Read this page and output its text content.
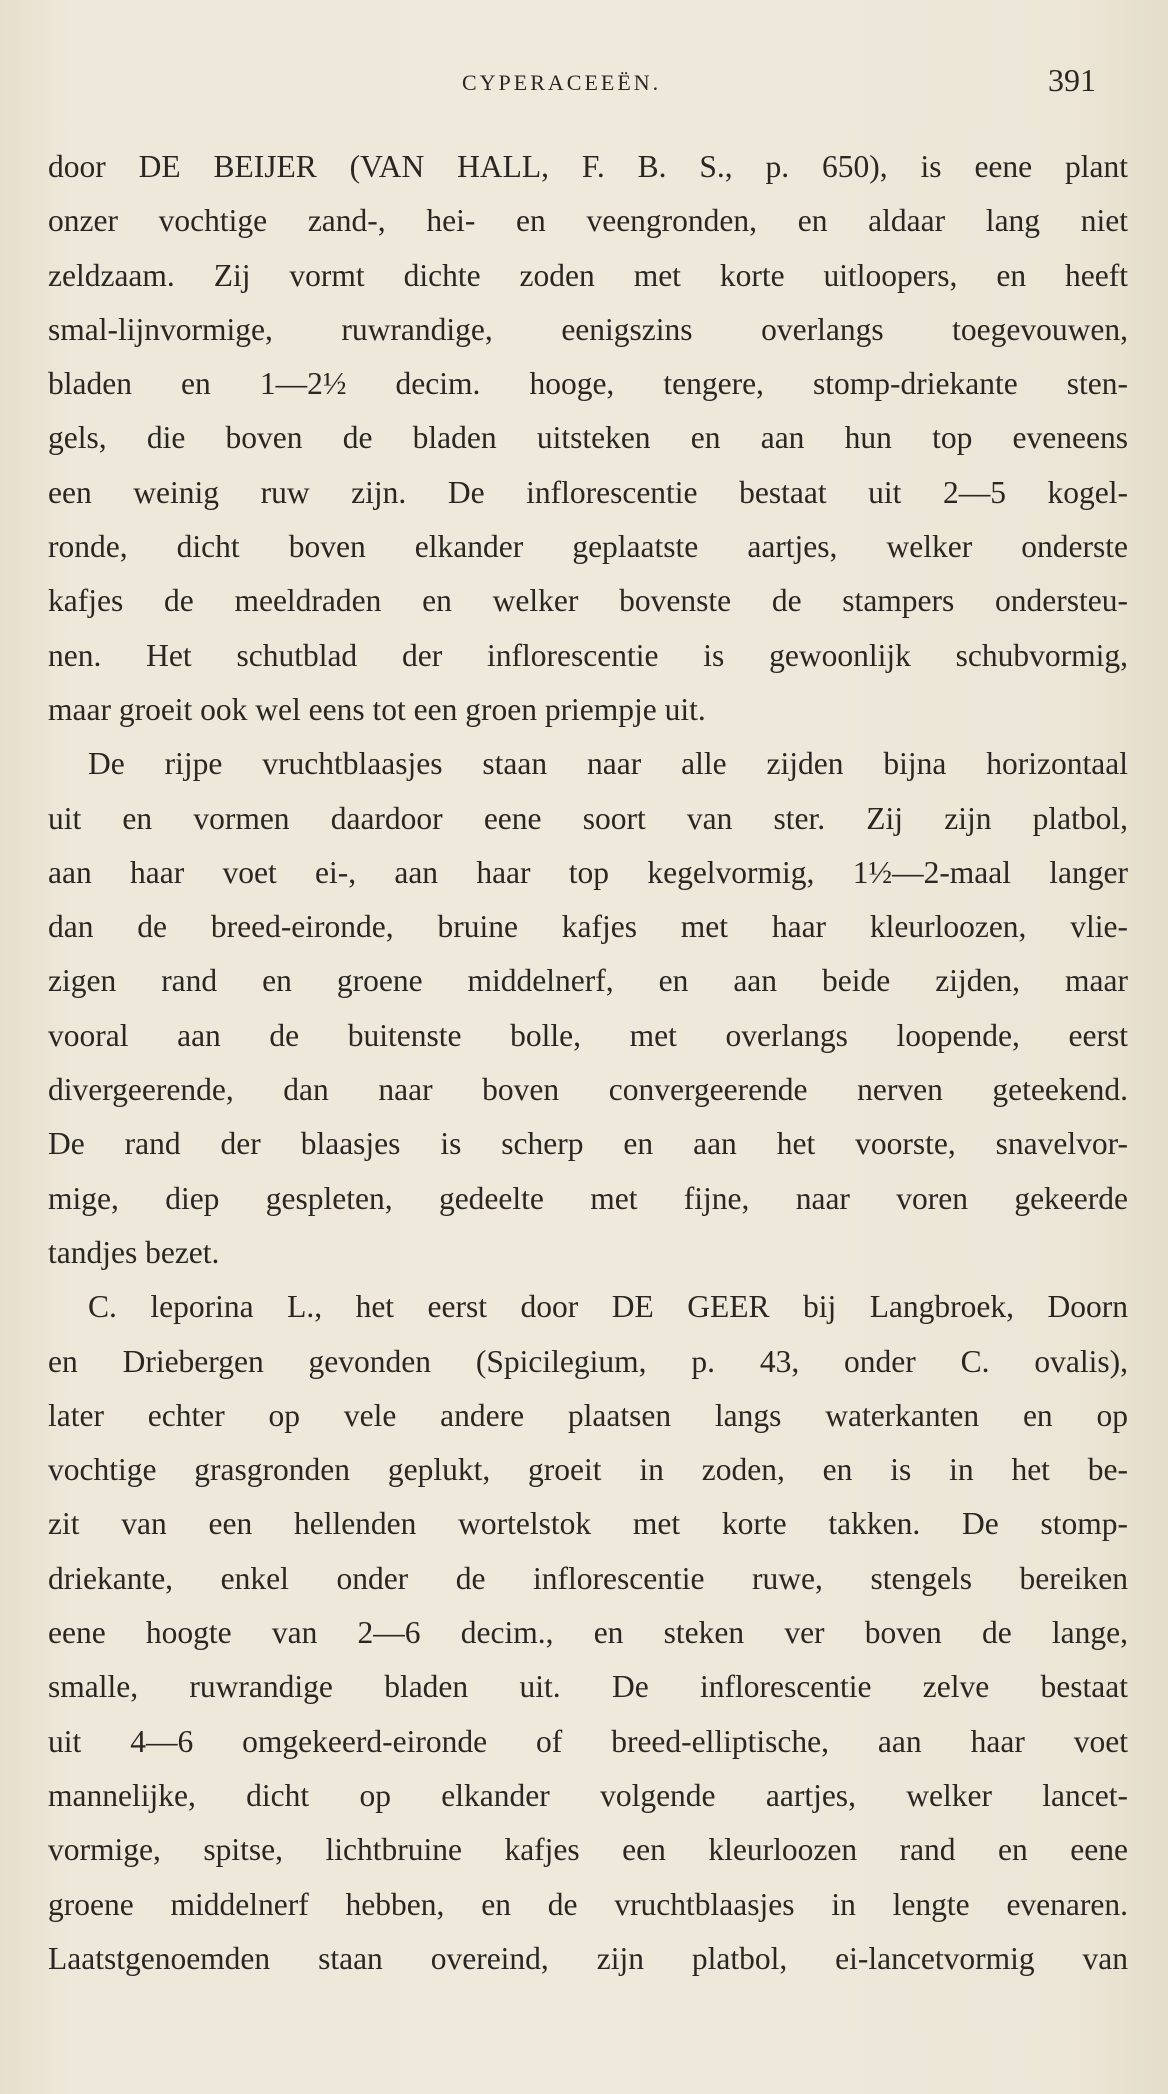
CYPERACEEËN.	391
door DE BEIJER (VAN HALL, F. B. S., p. 650), is eene plant
onzer vochtige zand-, hei- en veengronden, en aldaar lang niet
zeldzaam. Zij vormt dichte zoden met korte uitloopers, en heeft
smal-lijnvormige, ruwrandige, eenigszins overlangs toegevouwen,
bladen en 1—2½ decim. hooge, tengere, stomp-driekante sten-
gels, die boven de bladen uitsteken en aan hun top eveneens
een weinig ruw zijn. De inflorescentie bestaat uit 2—5 kogel-
ronde, dicht boven elkander geplaatste aartjes, welker onderste
kafjes de meeldraden en welker bovenste de stampers ondersteu-
nen. Het schutblad der inflorescentie is gewoonlijk schubvormig,
maar groeit ook wel eens tot een groen priempje uit.
De rijpe vruchtblaasjes staan naar alle zijden bijna horizontaal
uit en vormen daardoor eene soort van ster. Zij zijn platbol,
aan haar voet ei-, aan haar top kegelvormig, 1½—2-maal langer
dan de breed-eironde, bruine kafjes met haar kleurloozen, vlie-
zigen rand en groene middelnerf, en aan beide zijden, maar
vooral aan de buitenste bolle, met overlangs loopende, eerst
divergeerende, dan naar boven convergeerende nerven geteekend.
De rand der blaasjes is scherp en aan het voorste, snavelvor-
mige, diep gespleten, gedeelte met fijne, naar voren gekeerde
tandjes bezet.
C. leporina L., het eerst door DE GEER bij Langbroek, Doorn
en Driebergen gevonden (Spicilegium, p. 43, onder C. ovalis),
later echter op vele andere plaatsen langs waterkanten en op
vochtige grasgronden geplukt, groeit in zoden, en is in het be-
zit van een hellenden wortelstok met korte takken. De stomp-
driekante, enkel onder de inflorescentie ruwe, stengels bereiken
eene hoogte van 2—6 decim., en steken ver boven de lange,
smalle, ruwrandige bladen uit. De inflorescentie zelve bestaat
uit 4—6 omgekeerd-eironde of breed-elliptische, aan haar voet
mannelijke, dicht op elkander volgende aartjes, welker lancet-
vormige, spitse, lichtbruine kafjes een kleurloozen rand en eene
groene middelnerf hebben, en de vruchtblaasjes in lengte evenaren.
Laatstgenoemden staan overeind, zijn platbol, ei-lancetvormig van
